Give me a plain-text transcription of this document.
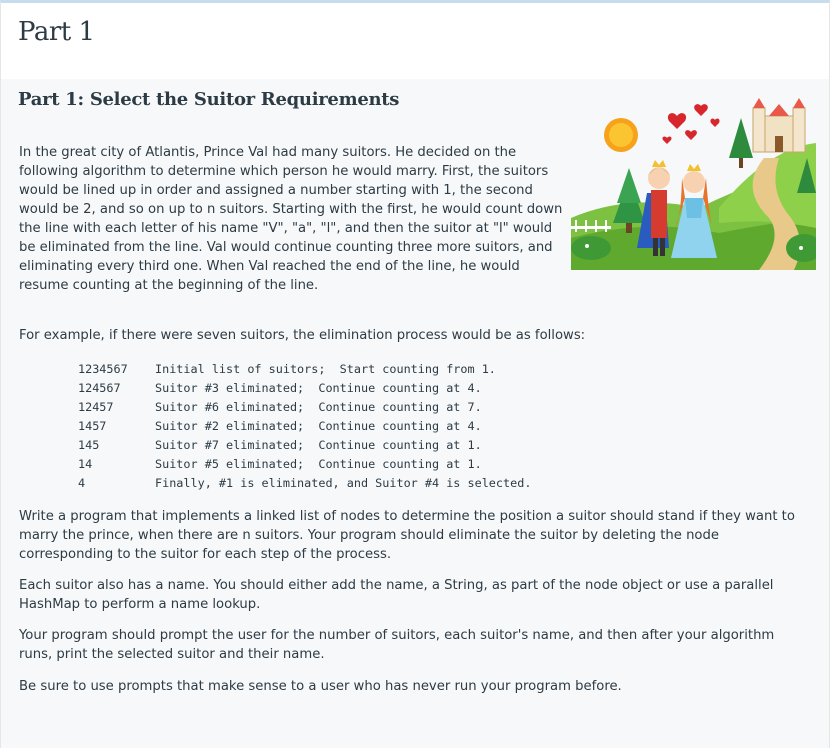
Part 1
Part 1: Select the Suitor Requirements

In the great city of Atlantis, Prince Val had many suitors. He decided on the following algorithm to determine which person he would marry. First, the suitors would be lined up in order and assigned a number starting with 1, the second would be 2, and so on up to n suitors. Starting with the first, he would count down the line with each letter of his name "V", "a", "l", and then the suitor at "l" would be eliminated from the line. Val would continue counting three more suitors, and eliminating every third one. When Val reached the end of the line, he would resume counting at the beginning of the line.

For example, if there were seven suitors, the elimination process would be as follows:

1234567 Initial list of suitors;  Start counting from 1.
124567	Suitor #3 eliminated;  Continue counting at 4.
12457	Suitor #6 eliminated;  Continue counting at 7.
1457	Suitor #2 eliminated;  Continue counting at 4.
145	Suitor #7 eliminated;  Continue counting at 1.
14	Suitor #5 eliminated;  Continue counting at 1.
4	Finally, #1 is eliminated, and Suitor #4 is selected.

Write a program that implements a linked list of nodes to determine the position a suitor should stand if they want to marry the prince, when there are n suitors. Your program should eliminate the suitor by deleting the node corresponding to the suitor for each step of the process.

Each suitor also has a name. You should either add the name, a String, as part of the node object or use a parallel HashMap to perform a name lookup.

Your program should prompt the user for the number of suitors, each suitor's name, and then after your algorithm runs, print the selected suitor and their name.

Be sure to use prompts that make sense to a user who has never run your program before.
